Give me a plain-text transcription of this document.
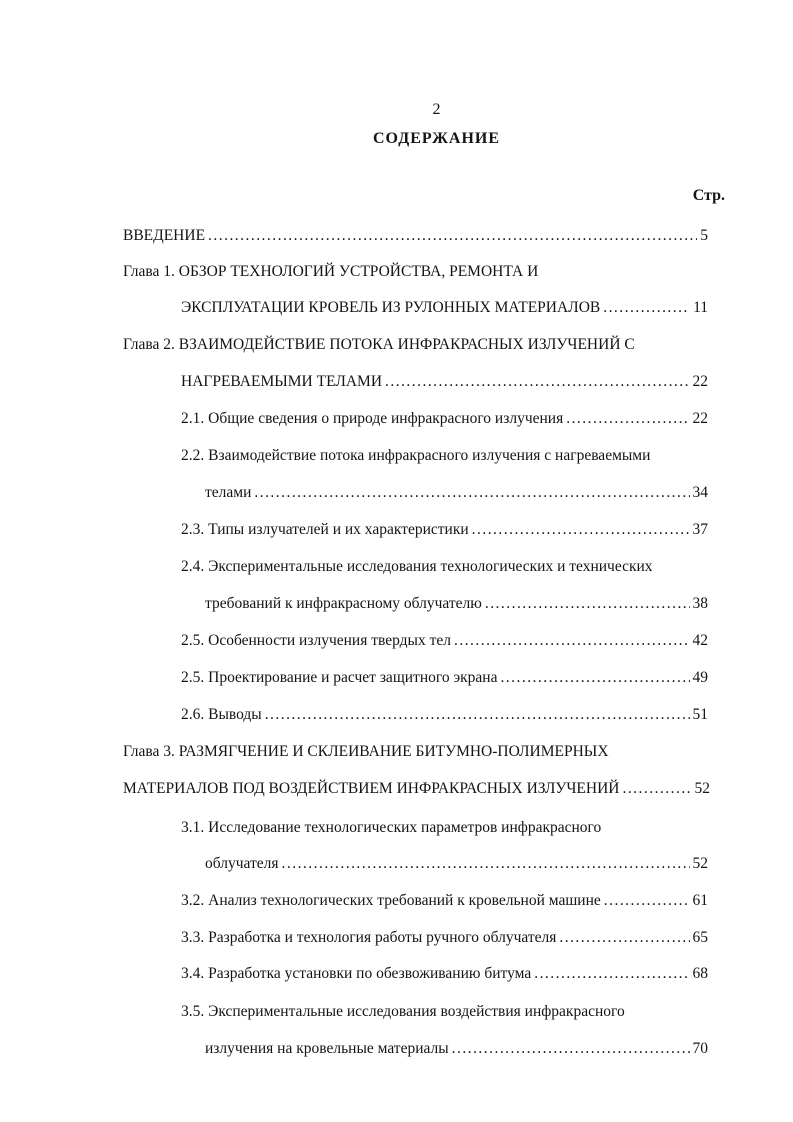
2
СОДЕРЖАНИЕ
Стр.
ВВЕДЕНИЕ . . .	5
Глава 1. ОБЗОР ТЕХНОЛОГИЙ УСТРОЙСТВА, РЕМОНТА И
ЭКСПЛУАТАЦИИ КРОВЕЛЬ ИЗ РУЛОННЫХ МАТЕРИАЛОВ . . .	11
Глава 2. ВЗАИМОДЕЙСТВИЕ ПОТОКА ИНФРАКРАСНЫХ ИЗЛУЧЕНИЙ С
НАГРЕВАЕМЫМИ ТЕЛАМИ . . .	22
2.1. Общие сведения о природе инфракрасного излучения . . .	22
2.2. Взаимодействие потока инфракрасного излучения с нагреваемыми
телами . . .	34
2.3. Типы излучателей и их характеристики . . .	37
2.4. Экспериментальные исследования технологических и технических
требований к инфракрасному облучателю . . .	38
2.5. Особенности излучения твердых тел . . .	42
2.5. Проектирование и расчет защитного экрана . . .	49
2.6. Выводы . . .	51
Глава 3. РАЗМЯГЧЕНИЕ И СКЛЕИВАНИЕ БИТУМНО-ПОЛИМЕРНЫХ
МАТЕРИАЛОВ ПОД ВОЗДЕЙСТВИЕМ ИНФРАКРАСНЫХ ИЗЛУЧЕНИЙ . . .	52
3.1. Исследование технологических параметров инфракрасного
облучателя . . .	52
3.2. Анализ технологических требований к кровельной машине . . .	61
3.3. Разработка и технология работы ручного облучателя . . .	65
3.4. Разработка установки по обезвоживанию битума . . .	68
3.5. Экспериментальные исследования воздействия инфракрасного
излучения на кровельные материалы . . .	70
